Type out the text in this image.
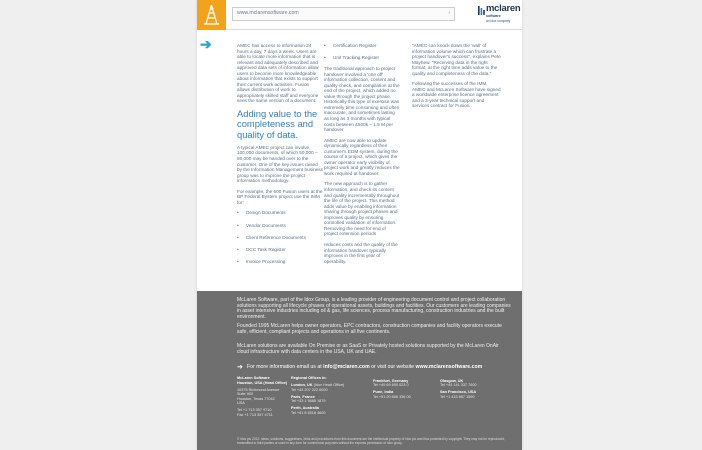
www.mclarensoftware.com	›	mclaren
software
an Idox company
➔	AMEC has access to information 24 hours a day, 7 days a week. Users are able to locate more information that is relevant and adequately described and approved data sets of information allow users to become more knowledgeable about information that exists to support their current work activities. Fusion allows distribution of work to appropriately skilled staff and everyone sees the same version of a document.

Adding value to the completeness and quality of data.

A typical AMEC project can involve 100,000 documents, of which 50,000 – 80,000 may be handed over to the customer. One of the key issues raised by the Information Management business group was to improve the project information methodology.

For example, the 600 Fusion users at the BP Federal Bystem project use the IMM for:

• Design Documents
• Vendor Documents
• Client Reference Documents
• DCC Task Register
• Invoice Processing
• Certification Register
• Unit Tracking Register

The traditional approach to project handover involved a 'one off' information collection, content and quality check, and compilation at the end of the project, which added no value through the project phase. Historically this type of exercise was extremely time consuming and often inaccurate, and sometimes lasting as long as 3 months with typical costs between £500k – 1.5 M per handover.

AMEC are now able to update dynamically regardless of their customer's EDM system, during the course of a project, which gives the owner operator early visibility of project work and greatly reduces the work required at handover.

The new approach is to gather information, and check its content and quality incrementally throughout the life of the project. This method adds value by enabling information sharing through project phases and improves quality by ensuring controlled validation of information. Removing the need for end of project extension periods

reduces costs and the quality of the information handover typically improves in the first year of operability.

"AMEC can knock down the 'wall' of information volume which can frustrate a project handover's success", explains Pete Mayhew. "Receiving data in the right format, at the right time adds value to the quality and completeness of the data."

Following the successes of the IMM, AMEC and McLaren Software have signed a worldwide enterprise licence agreement and a 3-year technical support and services contract for Fusion.

McLaren Software, part of the Idox Group, is a leading provider of engineering document control and project collaboration solutions supporting all lifecycle phases of operational assets, buildings and facilities. Our customers are leading companies in asset intensive industries including oil & gas, life sciences, process manufacturing, construction industries and the built environment.
Founded 1995 McLaren helps owner operators, EPC contractors, construction companies and facility operators execute safe, efficient, compliant projects and operations in all five continents.
McLaren solutions are available On Premise or as SaaS or Privately hosted solutions supported by the McLaren OnAir cloud infrastructure with data centers in the USA, UK and UAE.
➔ For more information email us at info@mclaren.com or visit our website www.mclarensoftware.com
McLaren Software
Houston, USA (Head Office)
10375 Richmond Avenue
Suite 900
Houston, Texas 77042
USA
Tel +1 713 357 9710
Fax +1 713 357 4711
Regional Offices in:
London, UK (Idox Head Office)
Tel +44 207 222 6000
Paris, France
Tel +33 1 5685 1879
Perth, Australia
Tel +61 8 6318 4600
Frankfurt, Germany
Tel +49 69 690 023 0
Pune, India
Tel +91 20 666 336 00
Glasgow, UK
Tel +44 141 337 7600
San Francisco, USA
Tel +1 415 867 1599
© Idox plc 2012. Ideas, solutions, suggestions, hints and procedures from this document are the intellectual property of Idox plc and thus protected by copyright. They may not be reproduced, transmitted to third parties or used in any form for commercial purposes without the express permission of Idox group.
